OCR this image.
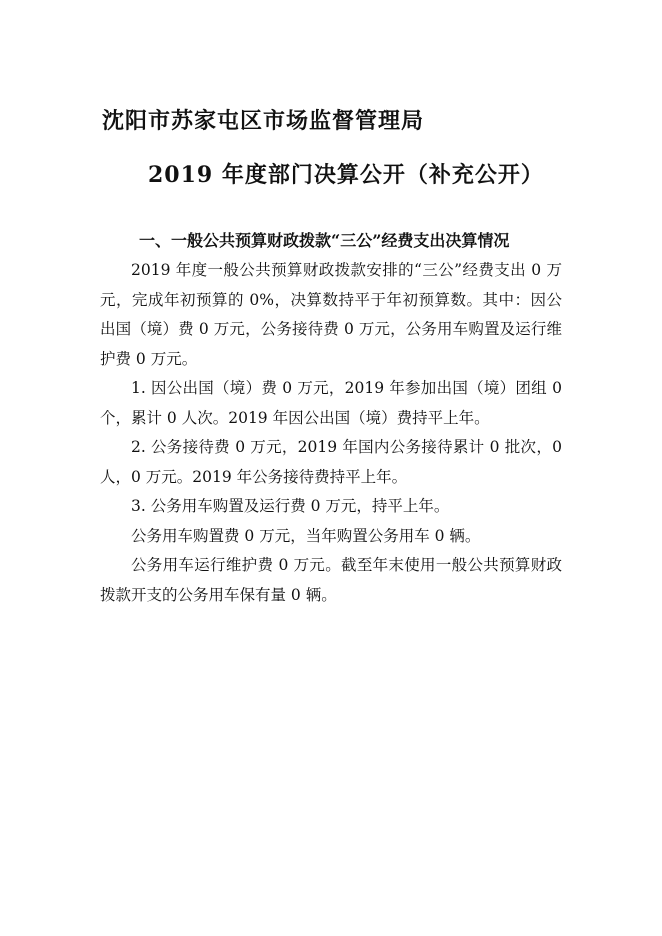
沈阳市苏家屯区市场监督管理局
2019 年度部门决算公开（补充公开）
一、一般公共预算财政拨款“三公”经费支出决算情况

2019 年度一般公共预算财政拨款安排的“三公”经费支出 0 万元，完成年初预算的 0%，决算数持平于年初预算数。其中：因公出国（境）费 0 万元，公务接待费 0 万元，公务用车购置及运行维护费 0 万元。

1. 因公出国（境）费 0 万元，2019 年参加出国（境）团组 0 个，累计 0 人次。2019 年因公出国（境）费持平上年。

2. 公务接待费 0 万元，2019 年国内公务接待累计 0 批次，0 人，0 万元。2019 年公务接待费持平上年。

3. 公务用车购置及运行费 0 万元，持平上年。

公务用车购置费 0 万元，当年购置公务用车 0 辆。

公务用车运行维护费 0 万元。截至年末使用一般公共预算财政拨款开支的公务用车保有量 0 辆。
